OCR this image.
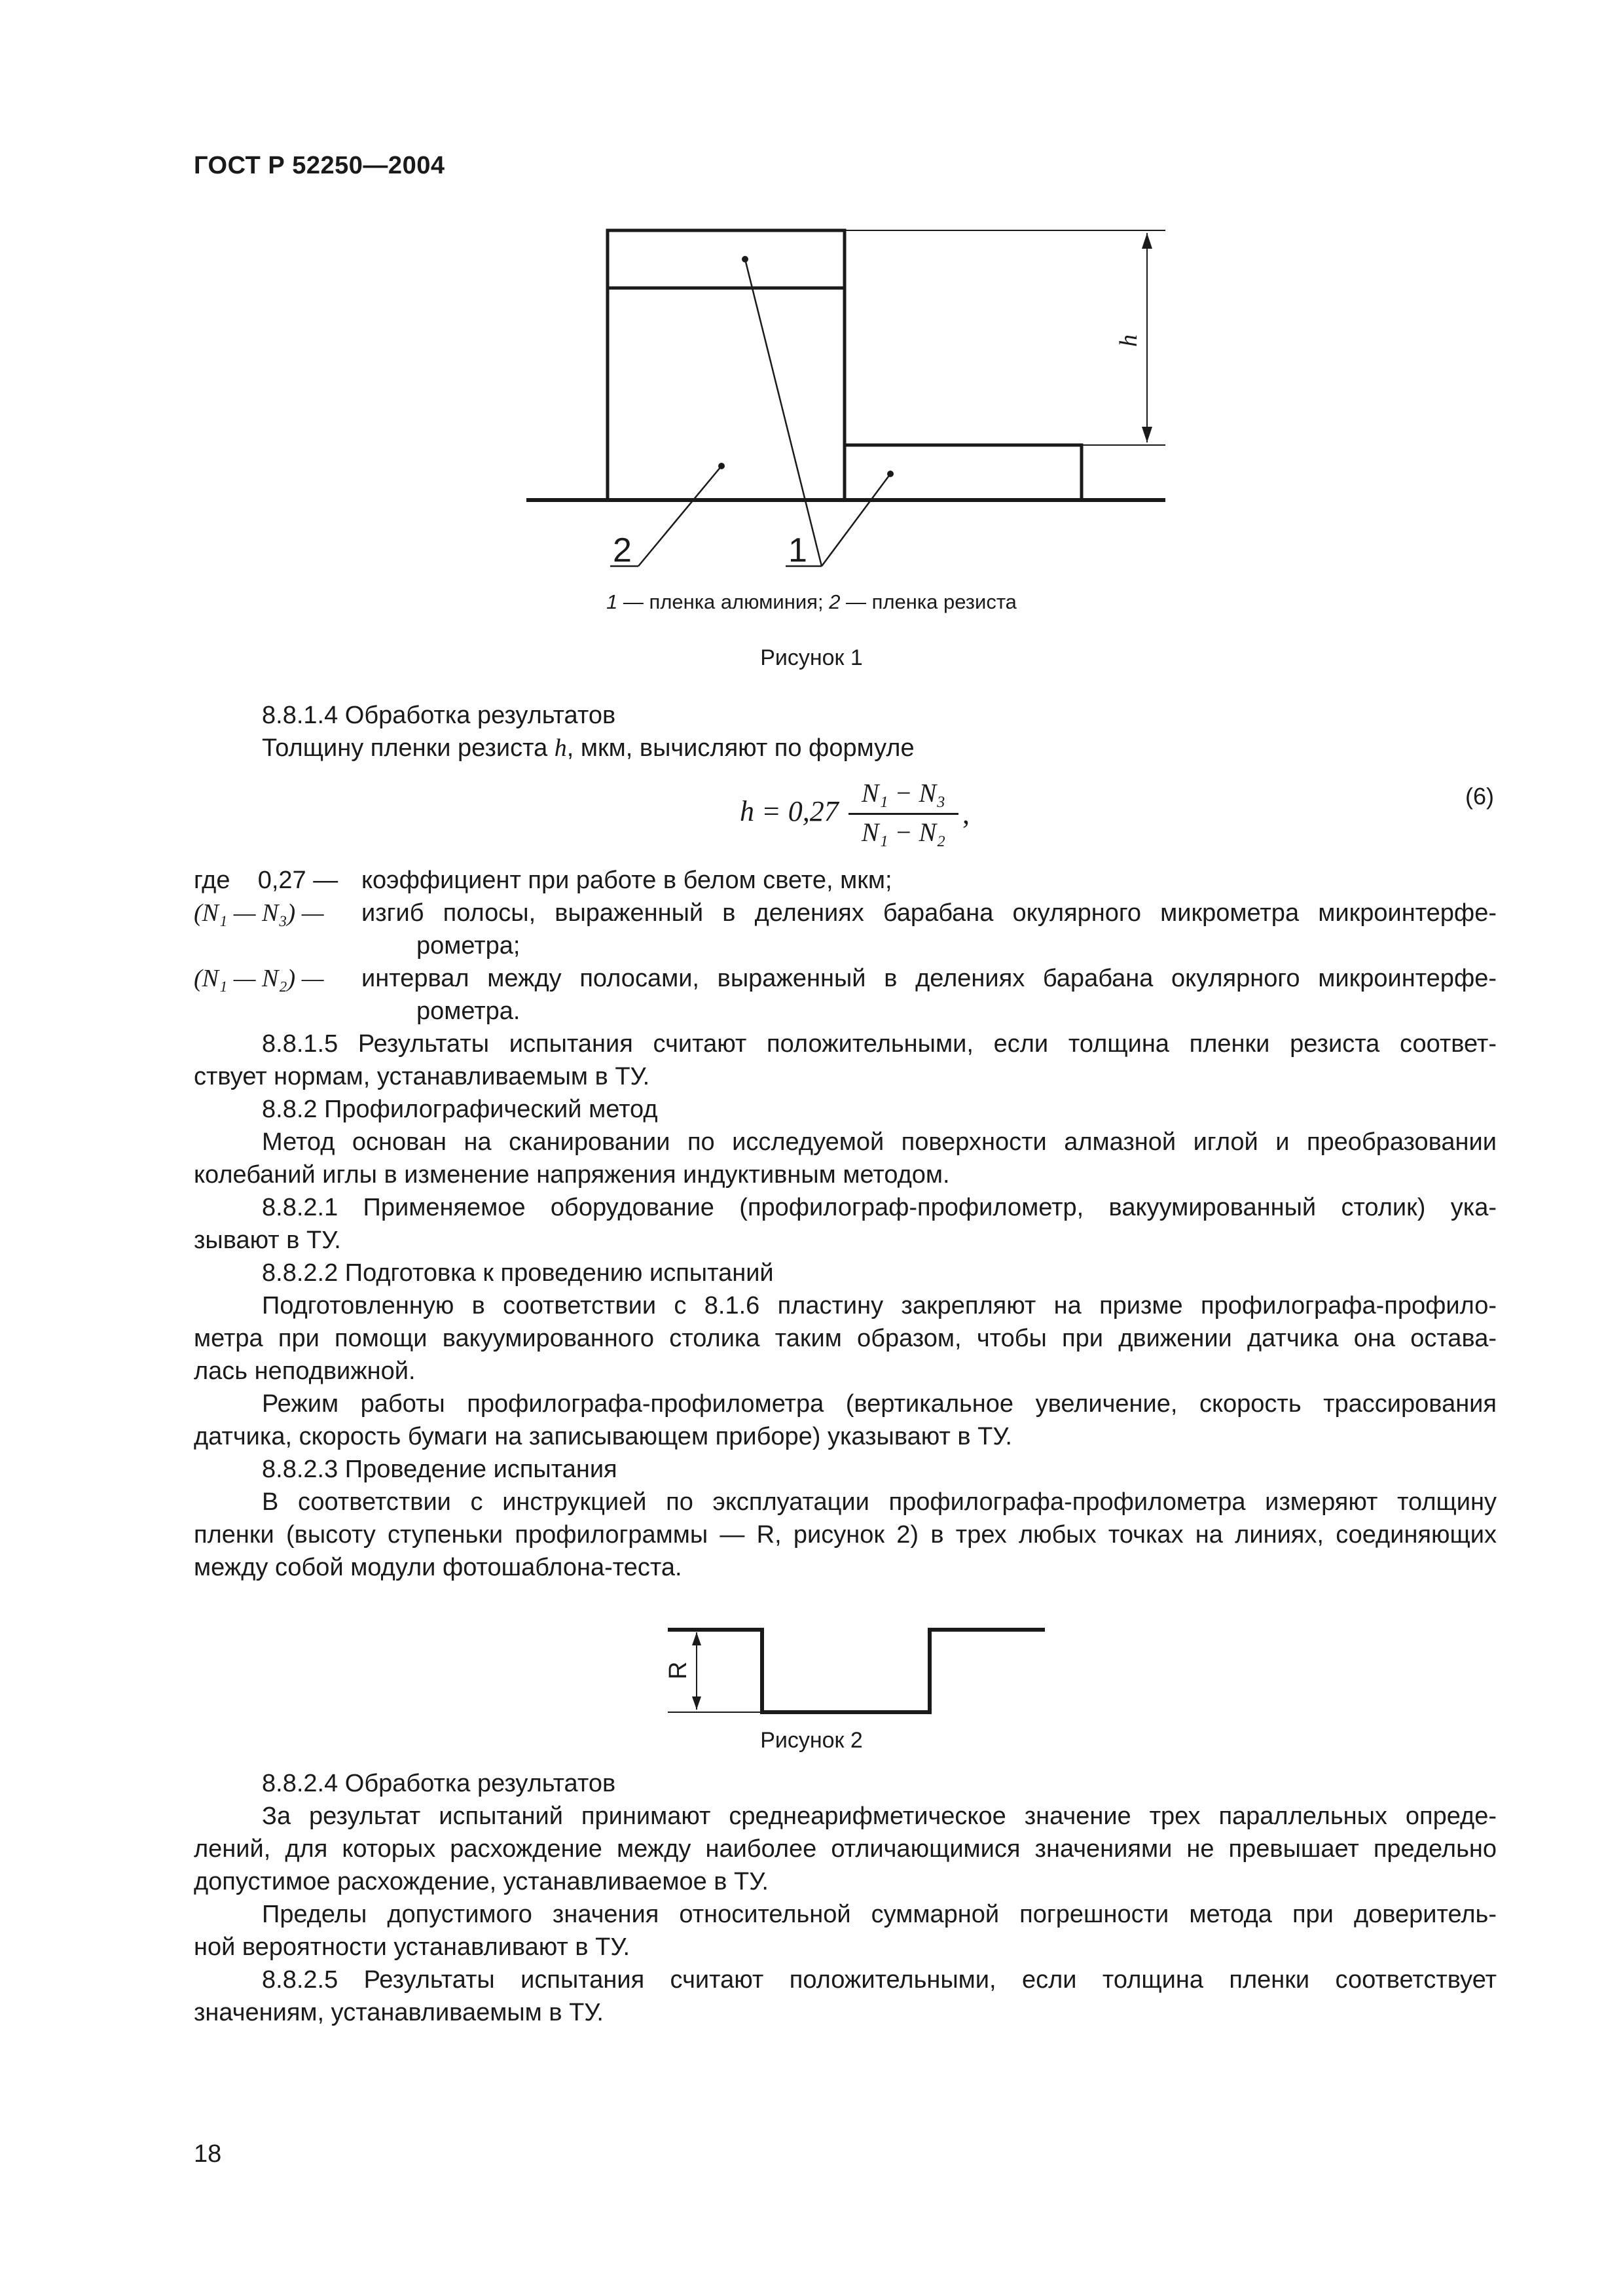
ГОСТ Р 52250—2004
2	1
h
1 — пленка алюминия; 2 — пленка резиста
Рисунок 1
8.8.1.4 Обработка результатов
Толщину пленки резиста h, мкм, вычисляют по формуле
h = 0,27
N₁ − N₃
N₁ − N₂
,
(6)
где    0,27 — коэффициент при работе в белом свете, мкм;
(N₁ — N₃) — изгиб полосы, выраженный в делениях барабана окулярного микрометра микроинтерфе-
рометра;
(N₁ — N₂) — интервал между полосами, выраженный в делениях барабана окулярного микроинтерфе-
рометра.
8.8.1.5 Результаты испытания считают положительными, если толщина пленки резиста соответ-
ствует нормам, устанавливаемым в ТУ.
8.8.2 Профилографический метод
Метод основан на сканировании по исследуемой поверхности алмазной иглой и преобразовании
колебаний иглы в изменение напряжения индуктивным методом.
8.8.2.1 Применяемое оборудование (профилограф-профилометр, вакуумированный столик) ука-
зывают в ТУ.
8.8.2.2 Подготовка к проведению испытаний
Подготовленную в соответствии с 8.1.6 пластину закрепляют на призме профилографа-профило-
метра при помощи вакуумированного столика таким образом, чтобы при движении датчика она остава-
лась неподвижной.
Режим работы профилографа-профилометра (вертикальное увеличение, скорость трассирования
датчика, скорость бумаги на записывающем приборе) указывают в ТУ.
8.8.2.3 Проведение испытания
В соответствии с инструкцией по эксплуатации профилографа-профилометра измеряют толщину
пленки (высоту ступеньки профилограммы — R, рисунок 2) в трех любых точках на линиях, соединяющих
между собой модули фотошаблона-теста.
R
Рисунок 2
8.8.2.4 Обработка результатов
За результат испытаний принимают среднеарифметическое значение трех параллельных опреде-
лений, для которых расхождение между наиболее отличающимися значениями не превышает предельно
допустимое расхождение, устанавливаемое в ТУ.
Пределы допустимого значения относительной суммарной погрешности метода при доверитель-
ной вероятности устанавливают в ТУ.
8.8.2.5 Результаты испытания считают положительными, если толщина пленки соответствует
значениям, устанавливаемым в ТУ.
18
